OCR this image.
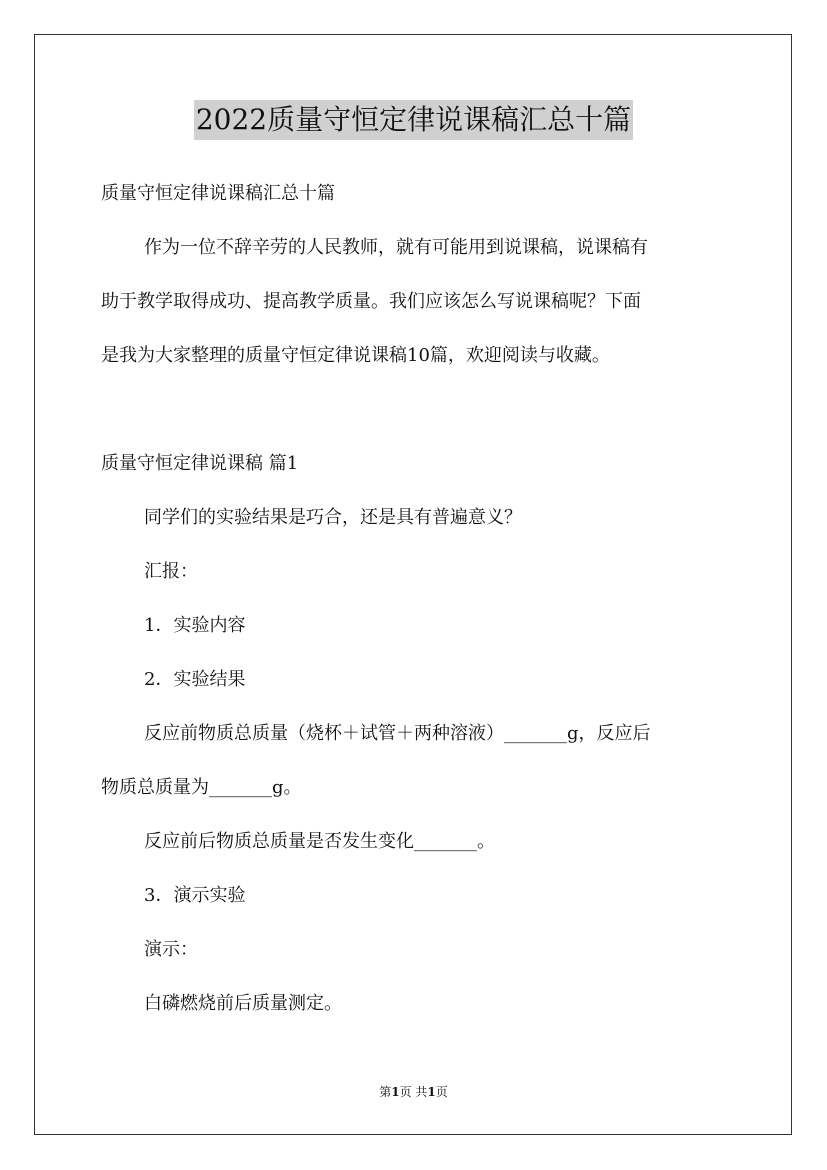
2022质量守恒定律说课稿汇总十篇
质量守恒定律说课稿汇总十篇
作为一位不辞辛劳的人民教师，就有可能用到说课稿，说课稿有
助于教学取得成功、提高教学质量。我们应该怎么写说课稿呢？下面
是我为大家整理的质量守恒定律说课稿10篇，欢迎阅读与收藏。
质量守恒定律说课稿 篇1
同学们的实验结果是巧合，还是具有普遍意义？
汇报：
1．实验内容
2．实验结果
反应前物质总质量（烧杯＋试管＋两种溶液）_______g，反应后
物质总质量为_______g。
反应前后物质总质量是否发生变化_______。
3．演示实验
演示：
白磷燃烧前后质量测定。
第1页 共1页
